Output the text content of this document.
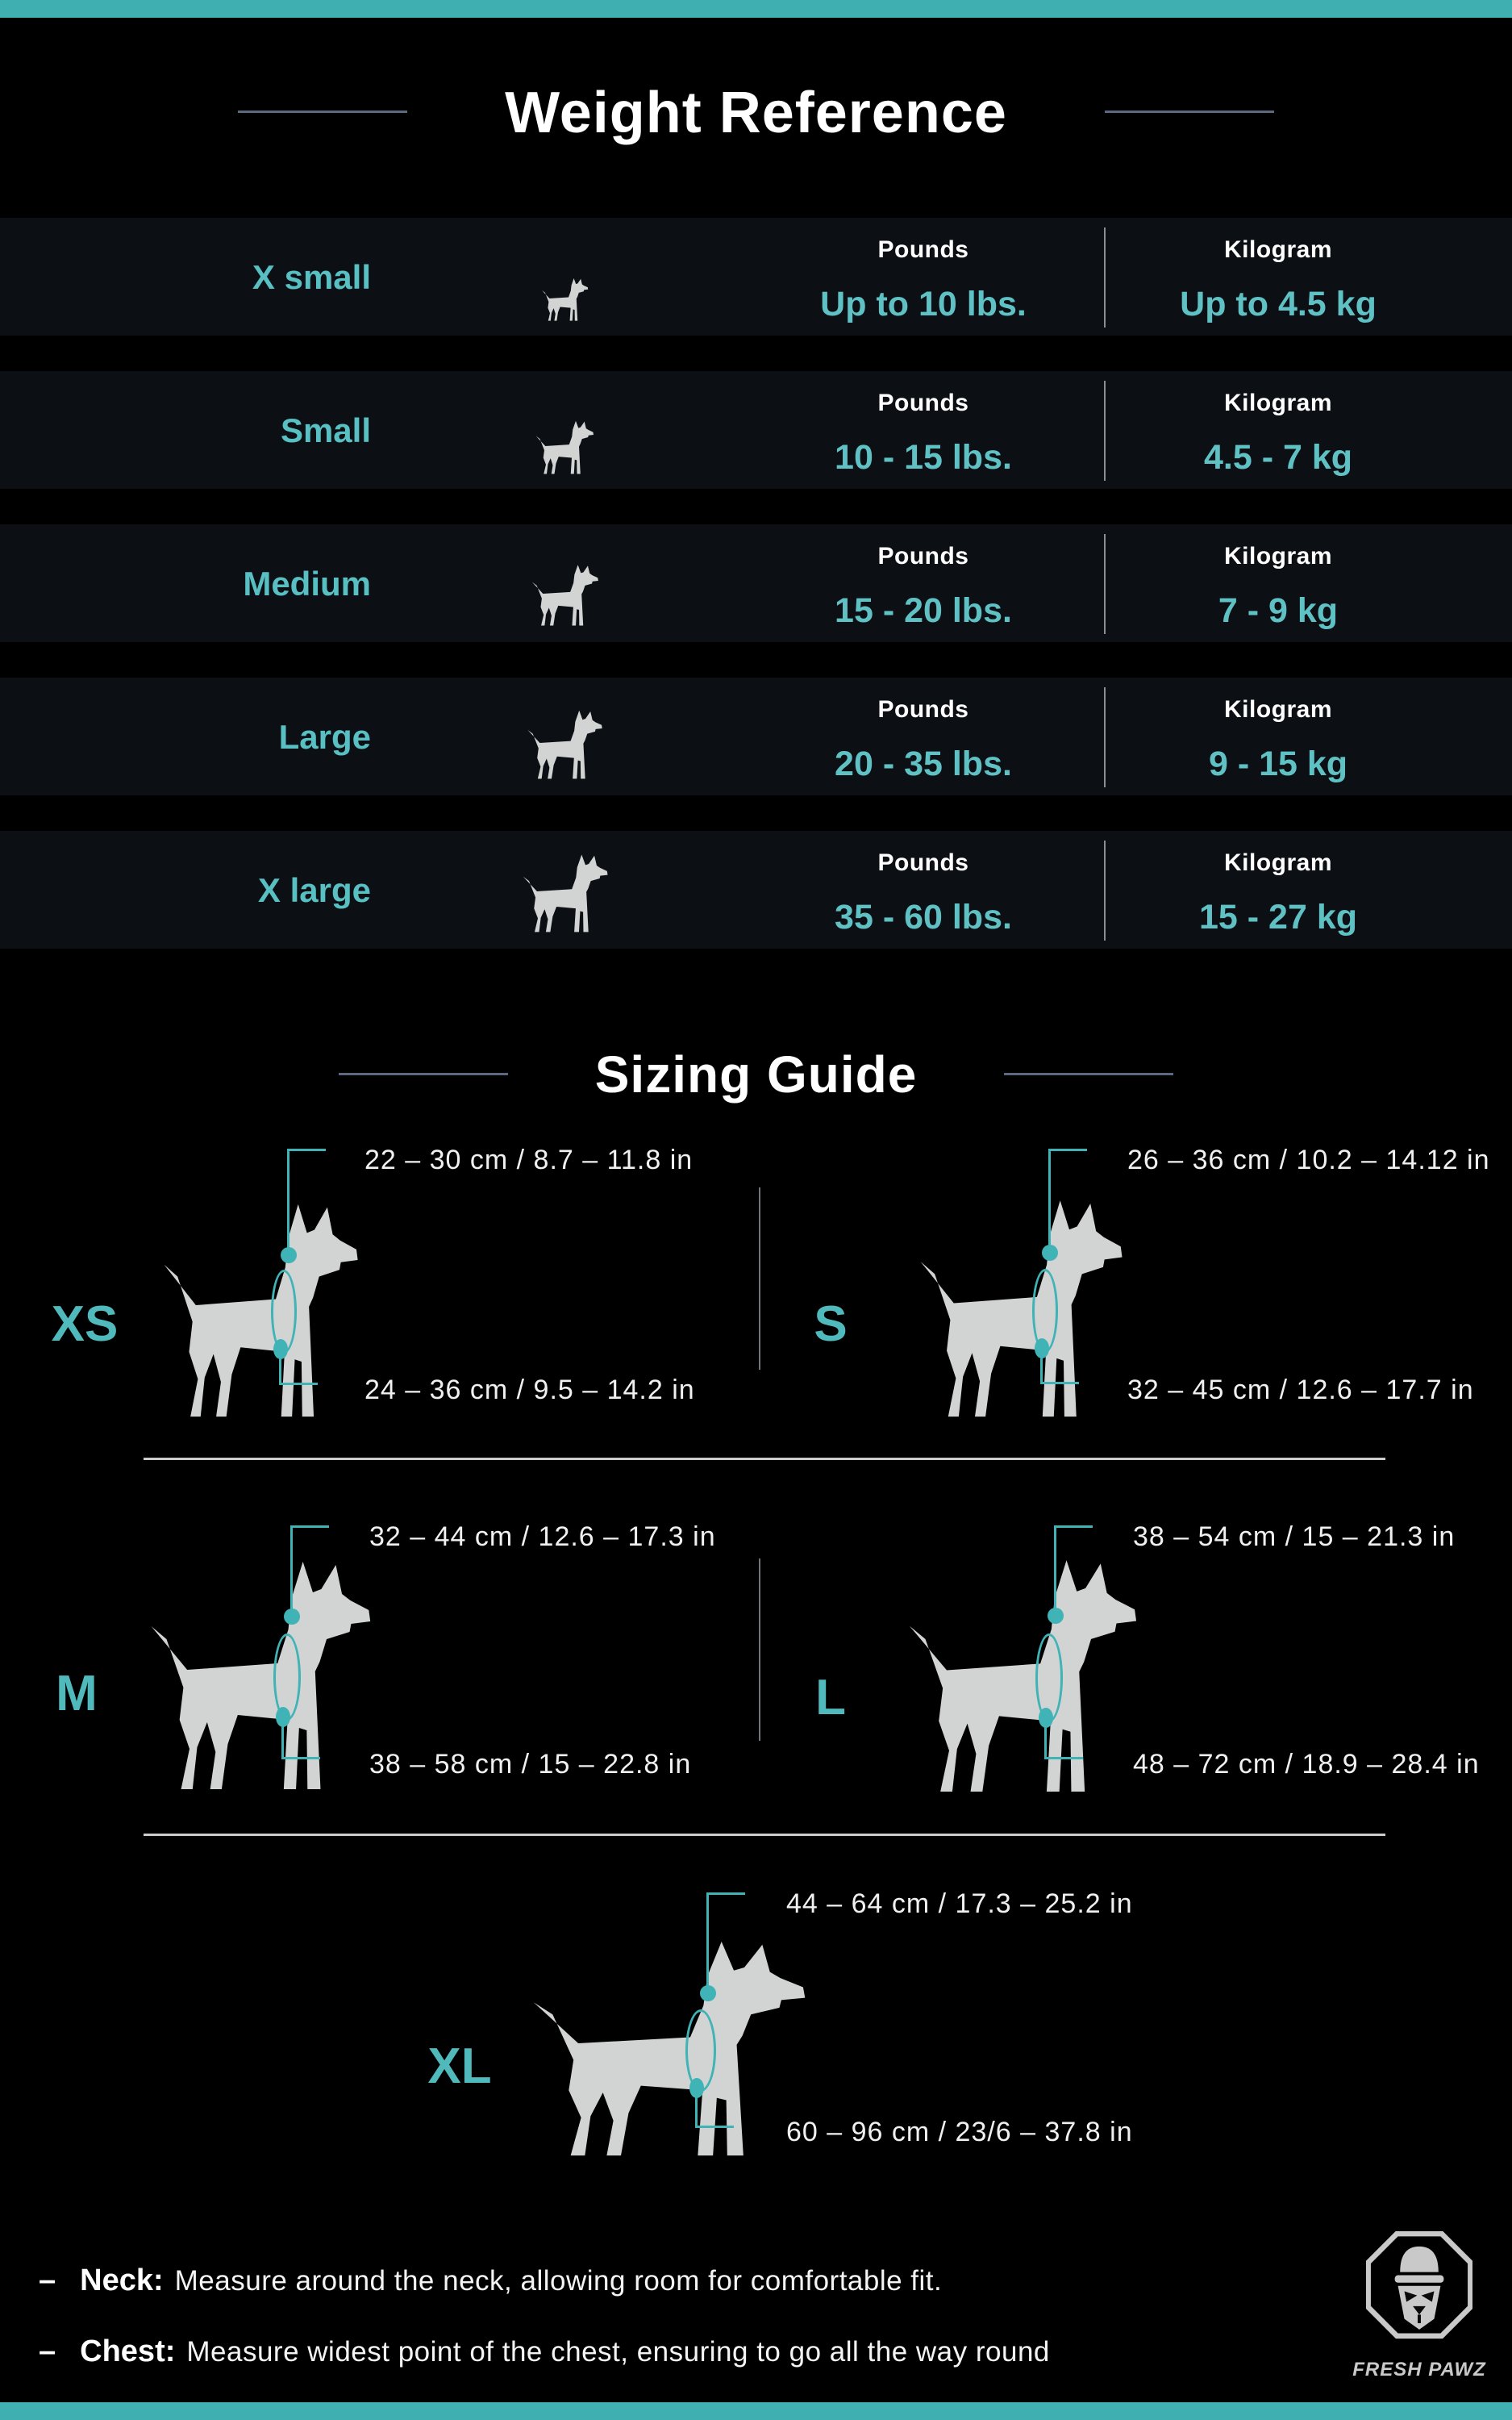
Weight Reference
X small
Pounds
Up to 10 lbs.
Kilogram
Up to 4.5 kg
Small
Pounds
10 - 15 lbs.
Kilogram
4.5 - 7 kg
Medium
Pounds
15 - 20 lbs.
Kilogram
7 - 9 kg
Large
Pounds
20 - 35 lbs.
Kilogram
9 - 15 kg
X large
Pounds
35 - 60 lbs.
Kilogram
15 - 27 kg
Sizing Guide
XS
22 – 30 cm / 8.7 – 11.8 in
24 – 36 cm / 9.5 – 14.2 in
S
26 – 36 cm / 10.2 – 14.12 in
32 – 45 cm / 12.6 – 17.7 in
M
32 – 44 cm / 12.6 – 17.3 in
38 – 58 cm / 15 – 22.8 in
L
38 – 54 cm / 15 – 21.3 in
48 – 72 cm / 18.9 – 28.4 in
XL
44 – 64 cm / 17.3 – 25.2 in
60 – 96 cm / 23/6 – 37.8 in
– Neck: Measure around the neck, allowing room for comfortable fit.
– Chest: Measure widest point of the chest, ensuring to go all the way round
FRESH PAWZ
